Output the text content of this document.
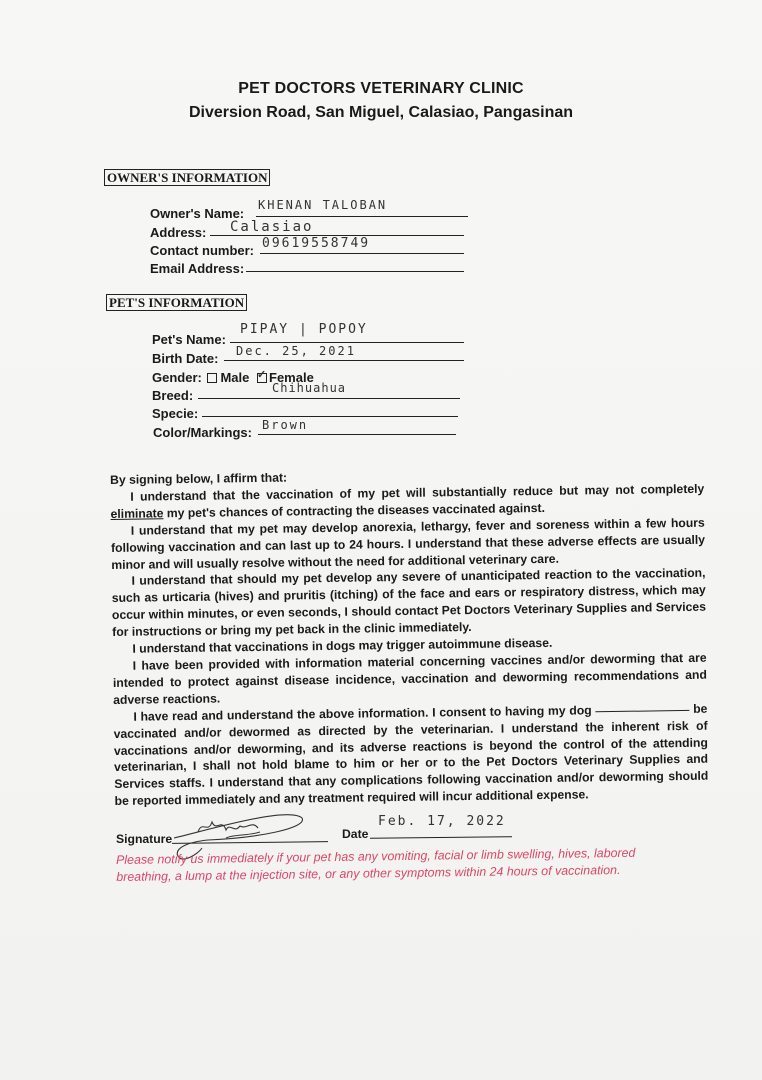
PET DOCTORS VETERINARY CLINIC
Diversion Road, San Miguel, Calasiao, Pangasinan
OWNER'S INFORMATION
Owner's Name:
KHENAN TALOBAN
Address: Calasiao
Contact number: 09619558749
Email Address:
PET'S INFORMATION
Pet's Name:
PIPAY | POPOY
Birth Date: Dec. 25, 2021
Gender: Male ✓ Female
Breed:	Chihuahua
Specie:
Color/Markings: Brown

By signing below, I affirm that:

I understand that the vaccination of my pet will substantially reduce but may not completely eliminate my pet's chances of contracting the diseases vaccinated against.

I understand that my pet may develop anorexia, lethargy, fever and soreness within a few hours following vaccination and can last up to 24 hours. I understand that these adverse effects are usually minor and will usually resolve without the need for additional veterinary care.

I understand that should my pet develop any severe of unanticipated reaction to the vaccination, such as urticaria (hives) and pruritis (itching) of the face and ears or respiratory distress, which may occur within minutes, or even seconds, I should contact Pet Doctors Veterinary Supplies and Services for instructions or bring my pet back in the clinic immediately.

I understand that vaccinations in dogs may trigger autoimmune disease.

I have been provided with information material concerning vaccines and/or deworming that are intended to protect against disease incidence, vaccination and deworming recommendations and adverse reactions.

I have read and understand the above information. I consent to having my dog	be vaccinated and/or dewormed as directed by the veterinarian. I understand the inherent risk of vaccinations and/or deworming, and its adverse reactions is beyond the control of the attending veterinarian, I shall not hold blame to him or her or to the Pet Doctors Veterinary Supplies and Services staffs. I understand that any complications following vaccination and/or deworming should be reported immediately and any treatment required will incur additional expense.

Signature	Date
Feb. 17, 2022

Please notify us immediately if your pet has any vomiting, facial or limb swelling, hives, labored

breathing, a lump at the injection site, or any other symptoms within 24 hours of vaccination.
